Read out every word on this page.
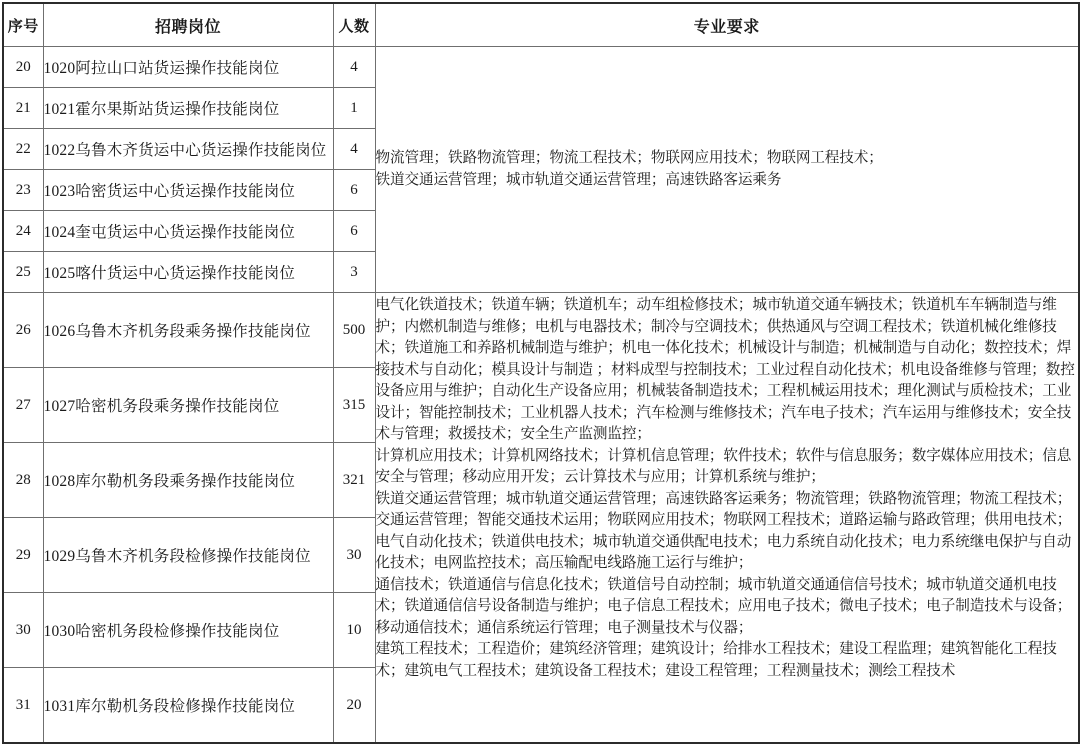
序号	招聘岗位	人数	专业要求
20	1020阿拉山口站货运操作技能岗位	4	物流管理；铁路物流管理；物流工程技术；物联网应用技术；物联网工程技术；
铁道交通运营管理；城市轨道交通运营管理；高速铁路客运乘务

21	1021霍尔果斯站货运操作技能岗位	1	
22	1022乌鲁木齐货运中心货运操作技能岗位	4	
23	1023哈密货运中心货运操作技能岗位	6	
24	1024奎屯货运中心货运操作技能岗位	6	
25	1025喀什货运中心货运操作技能岗位	3	
26	1026乌鲁木齐机务段乘务操作技能岗位	500	电气化铁道技术；铁道车辆；铁道机车；动车组检修技术；城市轨道交通车辆技术；铁道机车车辆制造与维护；内燃机制造与维修；电机与电器技术；制冷与空调技术；供热通风与空调工程技术；铁道机械化维修技术；铁道施工和养路机械制造与维护；机电一体化技术；机械设计与制造；机械制造与自动化；数控技术；焊接技术与自动化；模具设计与制造 ；材料成型与控制技术；工业过程自动化技术；机电设备维修与管理；数控设备应用与维护；自动化生产设备应用；机械装备制造技术；工程机械运用技术；理化测试与质检技术；工业设计；智能控制技术；工业机器人技术；汽车检测与维修技术；汽车电子技术；汽车运用与维修技术；安全技术与管理；救援技术；安全生产监测监控；
计算机应用技术；计算机网络技术；计算机信息管理；软件技术；软件与信息服务；数字媒体应用技术；信息安全与管理；移动应用开发；云计算技术与应用；计算机系统与维护；
铁道交通运营管理；城市轨道交通运营管理；高速铁路客运乘务；物流管理；铁路物流管理；物流工程技术；交通运营管理；智能交通技术运用；物联网应用技术；物联网工程技术；道路运输与路政管理；供用电技术；电气自动化技术；铁道供电技术；城市轨道交通供配电技术；电力系统自动化技术；电力系统继电保护与自动化技术；电网监控技术；高压输配电线路施工运行与维护；
通信技术；铁道通信与信息化技术；铁道信号自动控制；城市轨道交通通信信号技术；城市轨道交通机电技术；铁道通信信号设备制造与维护；电子信息工程技术；应用电子技术；微电子技术；电子制造技术与设备；移动通信技术；通信系统运行管理；电子测量技术与仪器；
建筑工程技术；工程造价；建筑经济管理；建筑设计；给排水工程技术；建设工程监理；建筑智能化工程技术；建筑电气工程技术；建筑设备工程技术；建设工程管理；工程测量技术；测绘工程技术

27	1027哈密机务段乘务操作技能岗位	315	
28	1028库尔勒机务段乘务操作技能岗位	321	
29	1029乌鲁木齐机务段检修操作技能岗位	30	
30	1030哈密机务段检修操作技能岗位	10	
31	1031库尔勒机务段检修操作技能岗位	20	
